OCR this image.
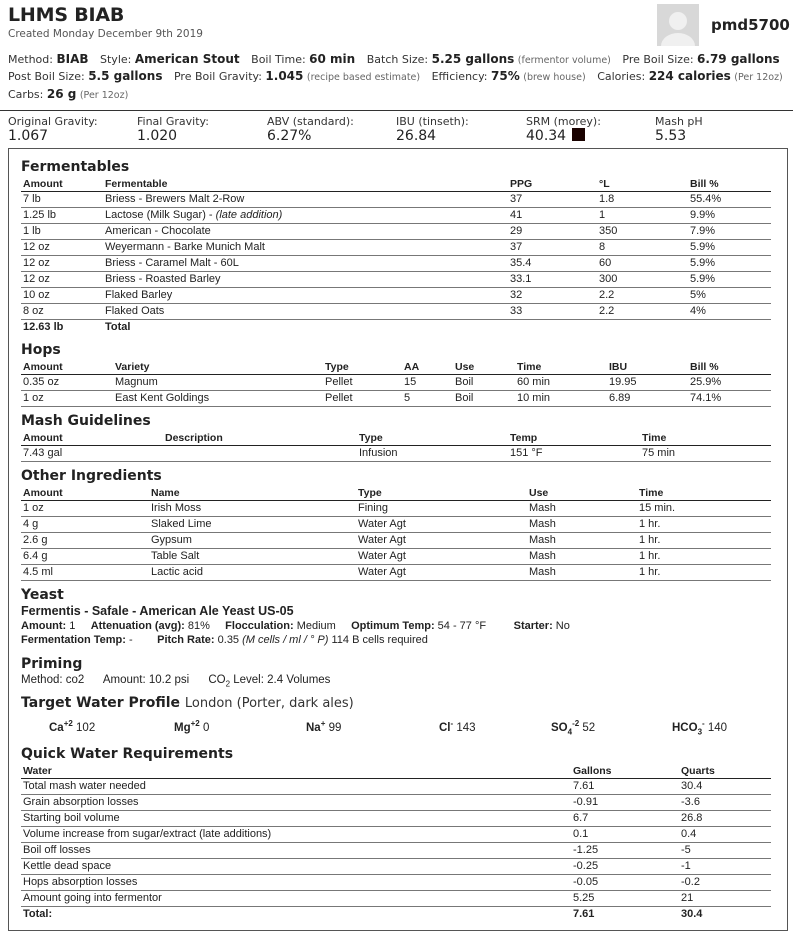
LHMS BIAB
Created Monday December 9th 2019	pmd5700
Method: BIAB Style: American Stout Boil Time: 60 min Batch Size: 5.25 gallons (fermentor volume) Pre Boil Size: 6.79 gallons
Post Boil Size: 5.5 gallons Pre Boil Gravity: 1.045 (recipe based estimate) Efficiency: 75% (brew house) Calories: 224 calories (Per 12oz)
Carbs: 26 g (Per 12oz)
Original Gravity:
1.067
Final Gravity:
1.020
ABV (standard):
6.27%
IBU (tinseth):
26.84
SRM (morey):
40.34
Mash pH
5.53
Fermentables
Amount	Fermentable	PPG	°L	Bill %
7 lb	Briess - Brewers Malt 2-Row	37	1.8	55.4%
1.25 lb	Lactose (Milk Sugar) - (late addition)	41	1	9.9%
1 lb	American - Chocolate	29	350	7.9%
12 oz	Weyermann - Barke Munich Malt	37	8	5.9%
12 oz	Briess - Caramel Malt - 60L	35.4	60	5.9%
12 oz	Briess - Roasted Barley	33.1	300	5.9%
10 oz	Flaked Barley	32	2.2	5%
8 oz	Flaked Oats	33	2.2	4%
12.63 lb	Total			
Hops
Amount	Variety	Type	AA	Use	Time	IBU	Bill %
0.35 oz	Magnum	Pellet	15	Boil	60 min	19.95	25.9%
1 oz	East Kent Goldings	Pellet	5	Boil	10 min	6.89	74.1%
Mash Guidelines
Amount	Description	Type	Temp	Time
7.43 gal		Infusion	151 °F	75 min
Other Ingredients
Amount	Name	Type	Use	Time
1 oz	Irish Moss	Fining	Mash	15 min.
4 g	Slaked Lime	Water Agt	Mash	1 hr.
2.6 g	Gypsum	Water Agt	Mash	1 hr.
6.4 g	Table Salt	Water Agt	Mash	1 hr.
4.5 ml	Lactic acid	Water Agt	Mash	1 hr.
Yeast
Fermentis - Safale - American Ale Yeast US-05
Amount: 1 Attenuation (avg): 81% Flocculation: Medium Optimum Temp: 54 - 77 °F	Starter: No
Fermentation Temp: - Pitch Rate: 0.35 (M cells / ml / ° P) 114 B cells required
Priming
Method: co2 Amount: 10.2 psi $CO_2$ Level: 2.4 Volumes
Target Water Profile London (Porter, dark ales)
$Ca^{+2}$ 102	$Mg^{+2}$ 0	Na+ 99	Cl- 143	$SO_4^{-2}$ 52	$HCO_3^-$ 140
Quick Water Requirements
Water	Gallons	Quarts
Total mash water needed	7.61	30.4
Grain absorption losses	-0.91	-3.6
Starting boil volume	6.7	26.8
Volume increase from sugar/extract (late additions)	0.1	0.4
Boil off losses	-1.25	-5
Kettle dead space	-0.25	-1
Hops absorption losses	-0.05	-0.2
Amount going into fermentor	5.25	21
Total:	7.61	30.4
